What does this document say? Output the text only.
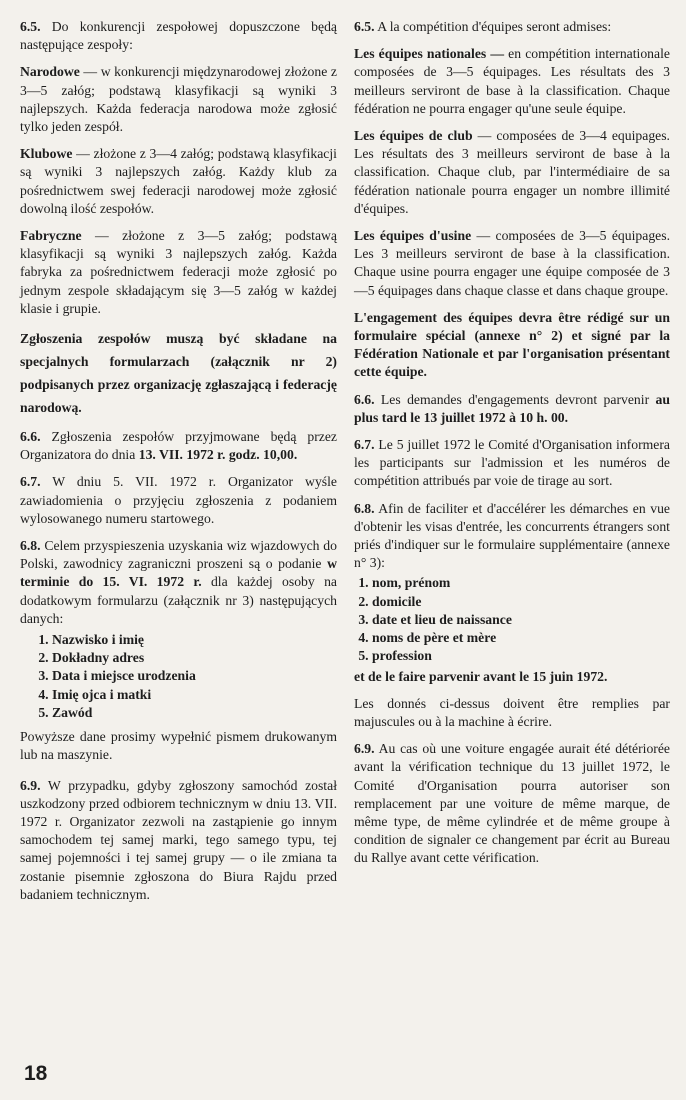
6.5. Do konkurencji zespołowej dopuszczone będą następujące zespoły:

Narodowe — w konkurencji międzynarodowej złożone z 3—5 załóg; podstawą klasyfikacji są wyniki 3 najlepszych. Każda federacja narodowa może zgłosić tylko jeden zespół.

Klubowe — złożone z 3—4 załóg; podstawą klasyfikacji są wyniki 3 najlepszych załóg. Każdy klub za pośrednictwem swej federacji narodowej może zgłosić dowolną ilość zespołów.

Fabryczne — złożone z 3—5 załóg; podstawą klasyfikacji są wyniki 3 najlepszych załóg. Każda fabryka za pośrednictwem federacji może zgłosić po jednym zespole składającym się 3—5 załóg w każdej klasie i grupie.

Zgłoszenia zespołów muszą być składane na specjalnych formularzach (załącznik nr 2) podpisanych przez organizację zgłaszającą i federację narodową.

6.6. Zgłoszenia zespołów przyjmowane będą przez Organizatora do dnia 13. VII. 1972 r. godz. 10,00.

6.7. W dniu 5. VII. 1972 r. Organizator wyśle zawiadomienia o przyjęciu zgłoszenia z podaniem wylosowanego numeru startowego.

6.8. Celem przyspieszenia uzyskania wiz wjazdowych do Polski, zawodnicy zagraniczni proszeni są o podanie w terminie do 15. VI. 1972 r. dla każdej osoby na dodatkowym formularzu (załącznik nr 3) następujących danych:

1. Nazwisko i imię
2. Dokładny adres
3. Data i miejsce urodzenia
4. Imię ojca i matki
5. Zawód

Powyższe dane prosimy wypełnić pismem drukowanym lub na maszynie.

6.9. W przypadku, gdyby zgłoszony samochód został uszkodzony przed odbiorem technicznym w dniu 13. VII. 1972 r. Organizator zezwoli na zastąpienie go innym samochodem tej samej marki, tego samego typu, tej samej pojemności i tej samej grupy — o ile zmiana ta zostanie pisemnie zgłoszona do Biura Rajdu przed badaniem technicznym.

6.5. A la compétition d'équipes seront admises:

Les équipes nationales — en compétition internationale composées de 3—5 équipages. Les résultats des 3 meilleurs serviront de base à la classification. Chaque fédération ne pourra engager qu'une seule équipe.

Les équipes de club — composées de 3—4 equipages. Les résultats des 3 meilleurs serviront de base à la classification. Chaque club, par l'intermédiaire de sa fédération nationale pourra engager un nombre illimité d'équipes.

Les équipes d'usine — composées de 3—5 équipages. Les 3 meilleurs serviront de base à la classification. Chaque usine pourra engager une équipe composée de 3—5 équipages dans chaque classe et dans chaque groupe.

L'engagement des équipes devra être rédigé sur un formulaire spécial (annexe n° 2) et signé par la Fédération Nationale et par l'organisation présentant cette équipe.

6.6. Les demandes d'engagements devront parvenir au plus tard le 13 juillet 1972 à 10 h. 00.

6.7. Le 5 juillet 1972 le Comité d'Organisation informera les participants sur l'admission et les numéros de compétition attribués par voie de tirage au sort.

6.8. Afin de faciliter et d'accélérer les démarches en vue d'obtenir les visas d'entrée, les concurrents étrangers sont priés d'indiquer sur le formulaire supplémentaire (annexe n° 3):

1. nom, prénom
2. domicile
3. date et lieu de naissance
4. noms de père et mère
5. profession

et de le faire parvenir avant le 15 juin 1972.

Les donnés ci-dessus doivent être remplies par majuscules ou à la machine à écrire.

6.9. Au cas où une voiture engagée aurait été détériorée avant la vérification technique du 13 juillet 1972, le Comité d'Organisation pourra autoriser son remplacement par une voiture de même marque, de même type, de même cylindrée et de même groupe à condition de signaler ce changement par écrit au Bureau du Rallye avant cette vérification.

18
